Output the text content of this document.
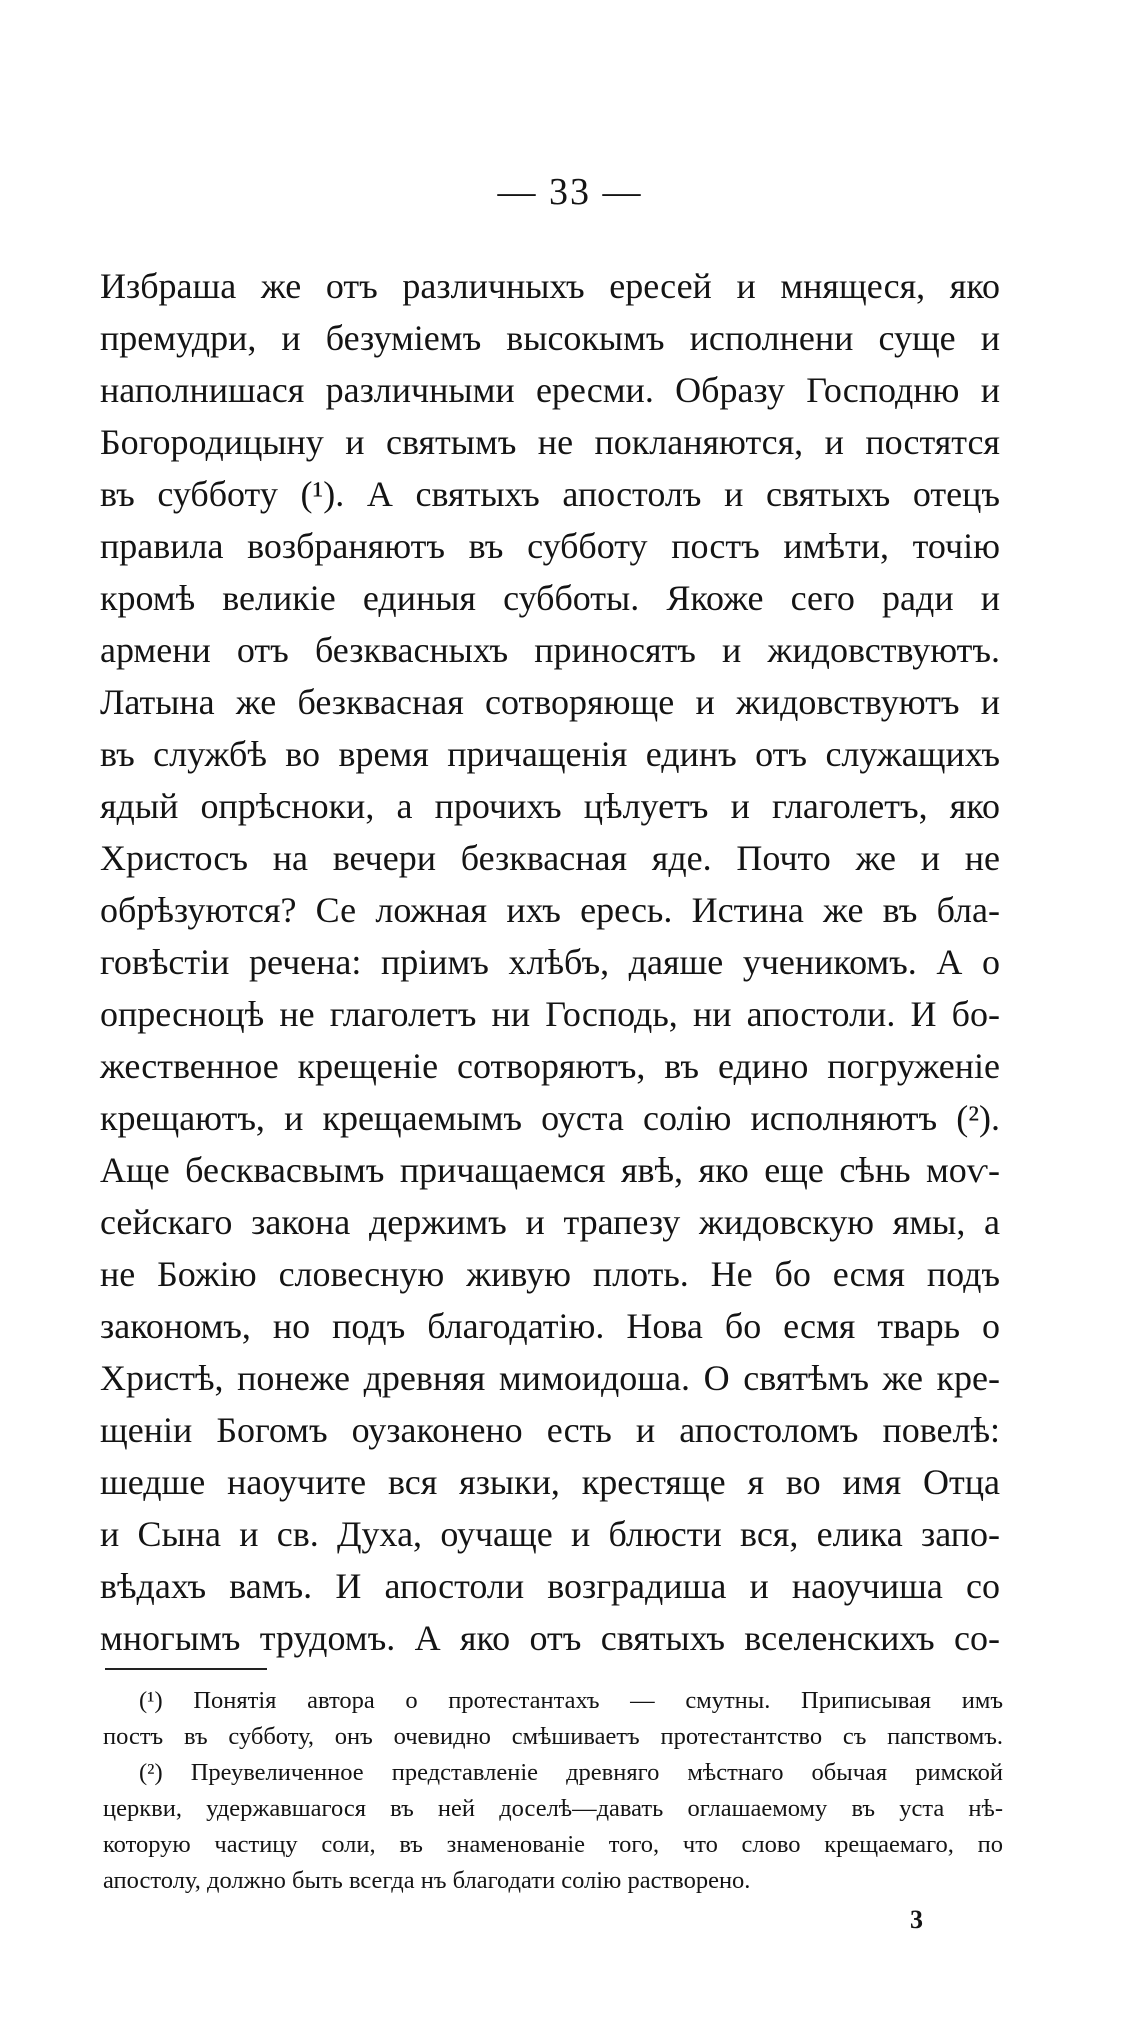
— 33 —
Избраша же отъ различныхъ ересей и мнящеся, яко
премудри, и безуміемъ высокымъ исполнени суще и
наполнишася различными ересми. Образу Господню и
Богородицыну и святымъ не покланяются, и постятся
въ субботу (¹). А святыхъ апостолъ и святыхъ отецъ
правила возбраняютъ въ субботу постъ имѣти, точію
кромѣ великіе единыя субботы. Якоже сего ради и
армени отъ безквасныхъ приносятъ и жидовствуютъ.
Латына же безквасная сотворяюще и жидовствуютъ и
въ службѣ во время причащенія единъ отъ служащихъ
ядый опрѣсноки, а прочихъ цѣлуетъ и глаголетъ, яко
Христосъ на вечери безквасная яде. Почто же и не
обрѣзуются? Се ложная ихъ ересь. Истина же въ бла-
говѣстіи речена: пріимъ хлѣбъ, даяше ученикомъ. А о
опресноцѣ не глаголетъ ни Господь, ни апостоли. И бо-
жественное крещеніе сотворяютъ, въ едино погруженіе
крещаютъ, и крещаемымъ оуста солію исполняютъ (²).
Аще бесквасвымъ причащаемся явѣ, яко еще сѣнь моѵ-
сейскаго закона держимъ и трапезу жидовскую ямы, а
не Божію словесную живую плоть. Не бо есмя подъ
закономъ, но подъ благодатію. Нова бо есмя тварь о
Христѣ, понеже древняя мимоидоша. О святѣмъ же кре-
щеніи Богомъ оузаконено есть и апостоломъ повелѣ:
шедше наоучите вся языки, крестяще я во имя Отца
и Сына и св. Духа, оучаще и блюсти вся, елика запо-
вѣдахъ вамъ. И апостоли возградиша и наоучиша со
многымъ трудомъ. А яко отъ святыхъ вселенскихъ со-
(¹) Понятія автора о протестантахъ — смутны. Приписывая имъ
постъ въ субботу, онъ очевидно смѣшиваетъ протестантство съ папствомъ.
(²) Преувеличенное представленіе древняго мѣстнаго обычая римской
церкви, удержавшагося въ ней доселѣ—давать оглашаемому въ уста нѣ-
которую частицу соли, въ знаменованіе того, что слово крещаемаго, по
апостолу, должно быть всегда нъ благодати солію растворено.
3
